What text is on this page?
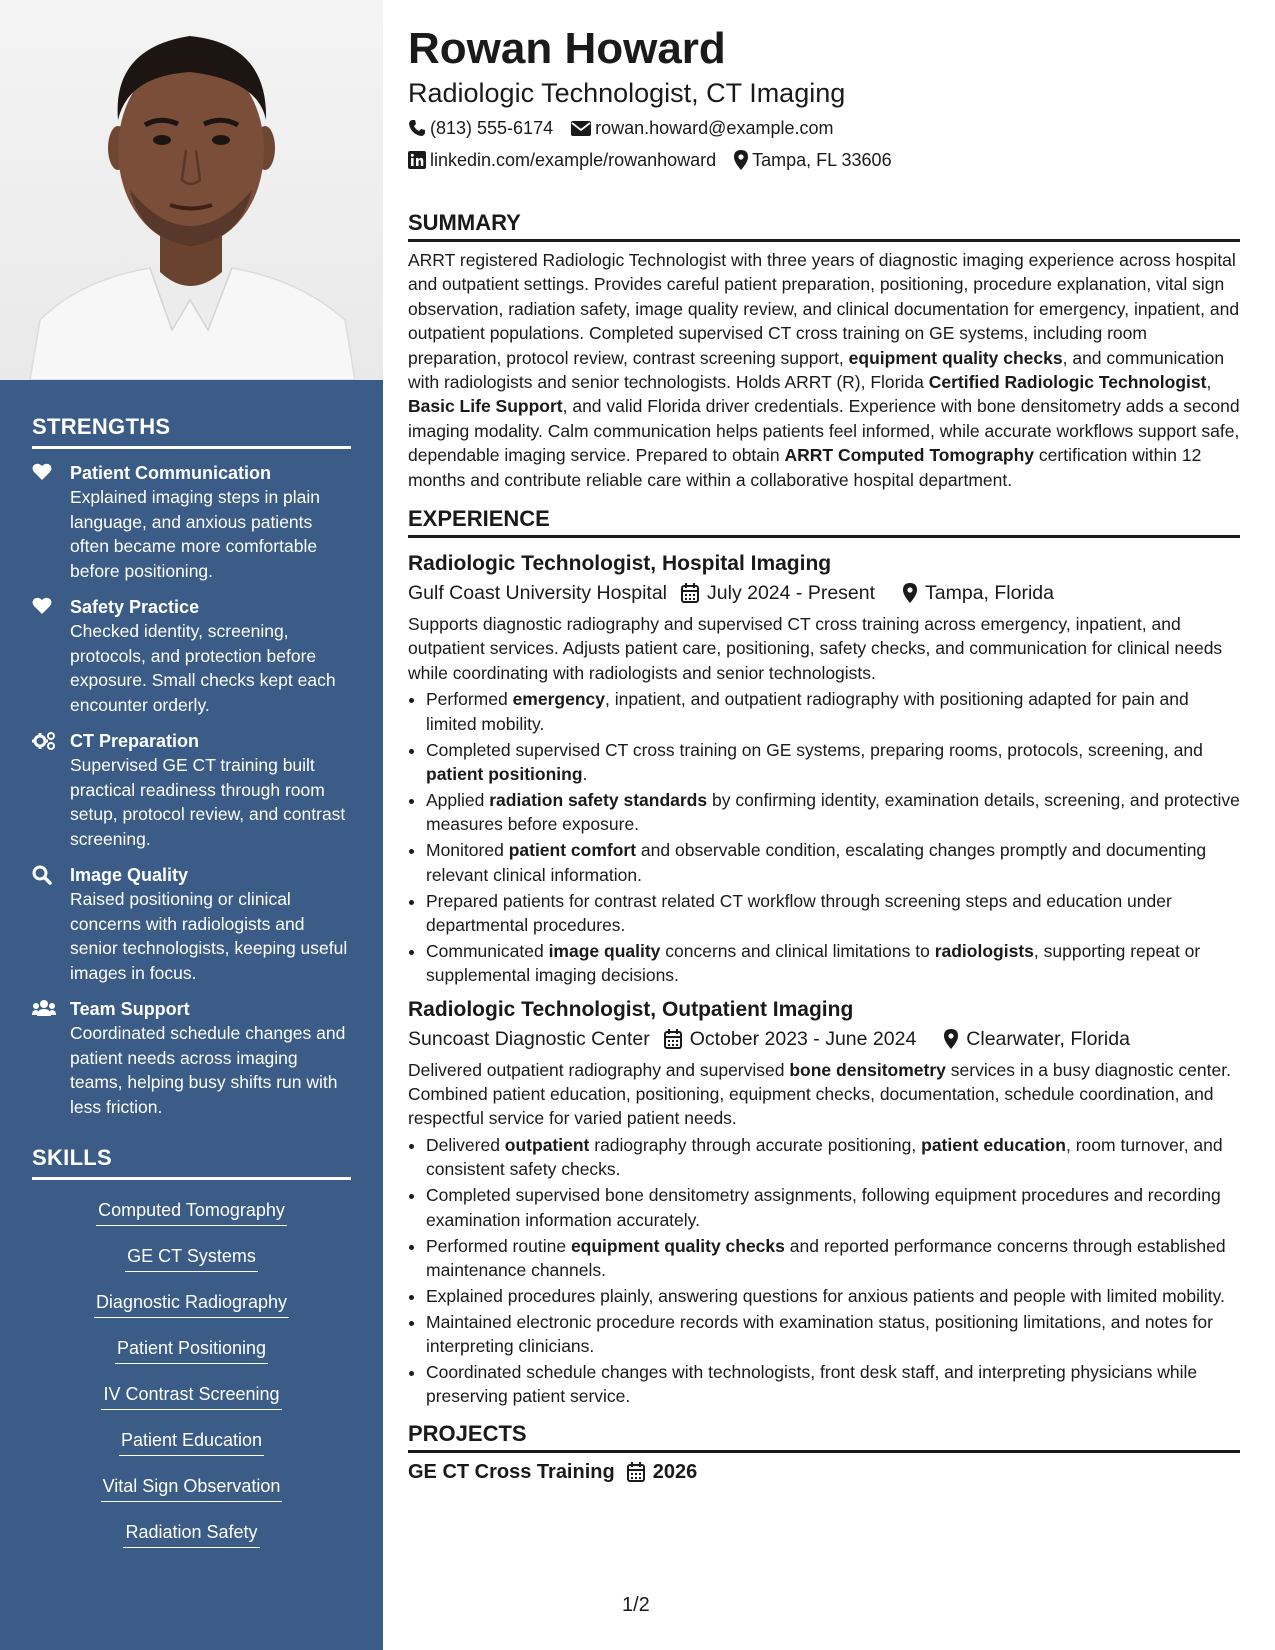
STRENGTHS
Patient Communication
Explained imaging steps in plain language, and anxious patients often became more comfortable before positioning.
Safety Practice
Checked identity, screening, protocols, and protection before exposure. Small checks kept each encounter orderly.
CT Preparation
Supervised GE CT training built practical readiness through room setup, protocol review, and contrast screening.
Image Quality
Raised positioning or clinical concerns with radiologists and senior technologists, keeping useful images in focus.
Team Support
Coordinated schedule changes and patient needs across imaging teams, helping busy shifts run with less friction.
SKILLS
Computed Tomography
GE CT Systems
Diagnostic Radiography
Patient Positioning
IV Contrast Screening
Patient Education
Vital Sign Observation
Radiation Safety
Rowan Howard
Radiologic Technologist, CT Imaging
(813) 555-6174 rowan.howard@example.com
linkedin.com/example/rowanhoward Tampa, FL 33606
SUMMARY
ARRT registered Radiologic Technologist with three years of diagnostic imaging experience across hospital and outpatient settings. Provides careful patient preparation, positioning, procedure explanation, vital sign observation, radiation safety, image quality review, and clinical documentation for emergency, inpatient, and outpatient populations. Completed supervised CT cross training on GE systems, including room preparation, protocol review, contrast screening support, equipment quality checks, and communication with radiologists and senior technologists. Holds ARRT (R), Florida Certified Radiologic Technologist, Basic Life Support, and valid Florida driver credentials. Experience with bone densitometry adds a second imaging modality. Calm communication helps patients feel informed, while accurate workflows support safe, dependable imaging service. Prepared to obtain ARRT Computed Tomography certification within 12 months and contribute reliable care within a collaborative hospital department.
EXPERIENCE
Radiologic Technologist, Hospital Imaging
Gulf Coast University Hospital July 2024 - Present	Tampa, Florida
Supports diagnostic radiography and supervised CT cross training across emergency, inpatient, and outpatient services. Adjusts patient care, positioning, safety checks, and communication for clinical needs while coordinating with radiologists and senior technologists.
• Performed emergency, inpatient, and outpatient radiography with positioning adapted for pain and limited mobility.
• Completed supervised CT cross training on GE systems, preparing rooms, protocols, screening, and patient positioning.
• Applied radiation safety standards by confirming identity, examination details, screening, and protective measures before exposure.
• Monitored patient comfort and observable condition, escalating changes promptly and documenting relevant clinical information.
• Prepared patients for contrast related CT workflow through screening steps and education under departmental procedures.
• Communicated image quality concerns and clinical limitations to radiologists, supporting repeat or supplemental imaging decisions.
Radiologic Technologist, Outpatient Imaging
Suncoast Diagnostic Center October 2023 - June 2024	Clearwater, Florida
Delivered outpatient radiography and supervised bone densitometry services in a busy diagnostic center. Combined patient education, positioning, equipment checks, documentation, schedule coordination, and respectful service for varied patient needs.
• Delivered outpatient radiography through accurate positioning, patient education, room turnover, and consistent safety checks.
• Completed supervised bone densitometry assignments, following equipment procedures and recording examination information accurately.
• Performed routine equipment quality checks and reported performance concerns through established maintenance channels.
• Explained procedures plainly, answering questions for anxious patients and people with limited mobility.
• Maintained electronic procedure records with examination status, positioning limitations, and notes for interpreting clinicians.
• Coordinated schedule changes with technologists, front desk staff, and interpreting physicians while preserving patient service.
PROJECTS
GE CT Cross Training 2026
1/2
